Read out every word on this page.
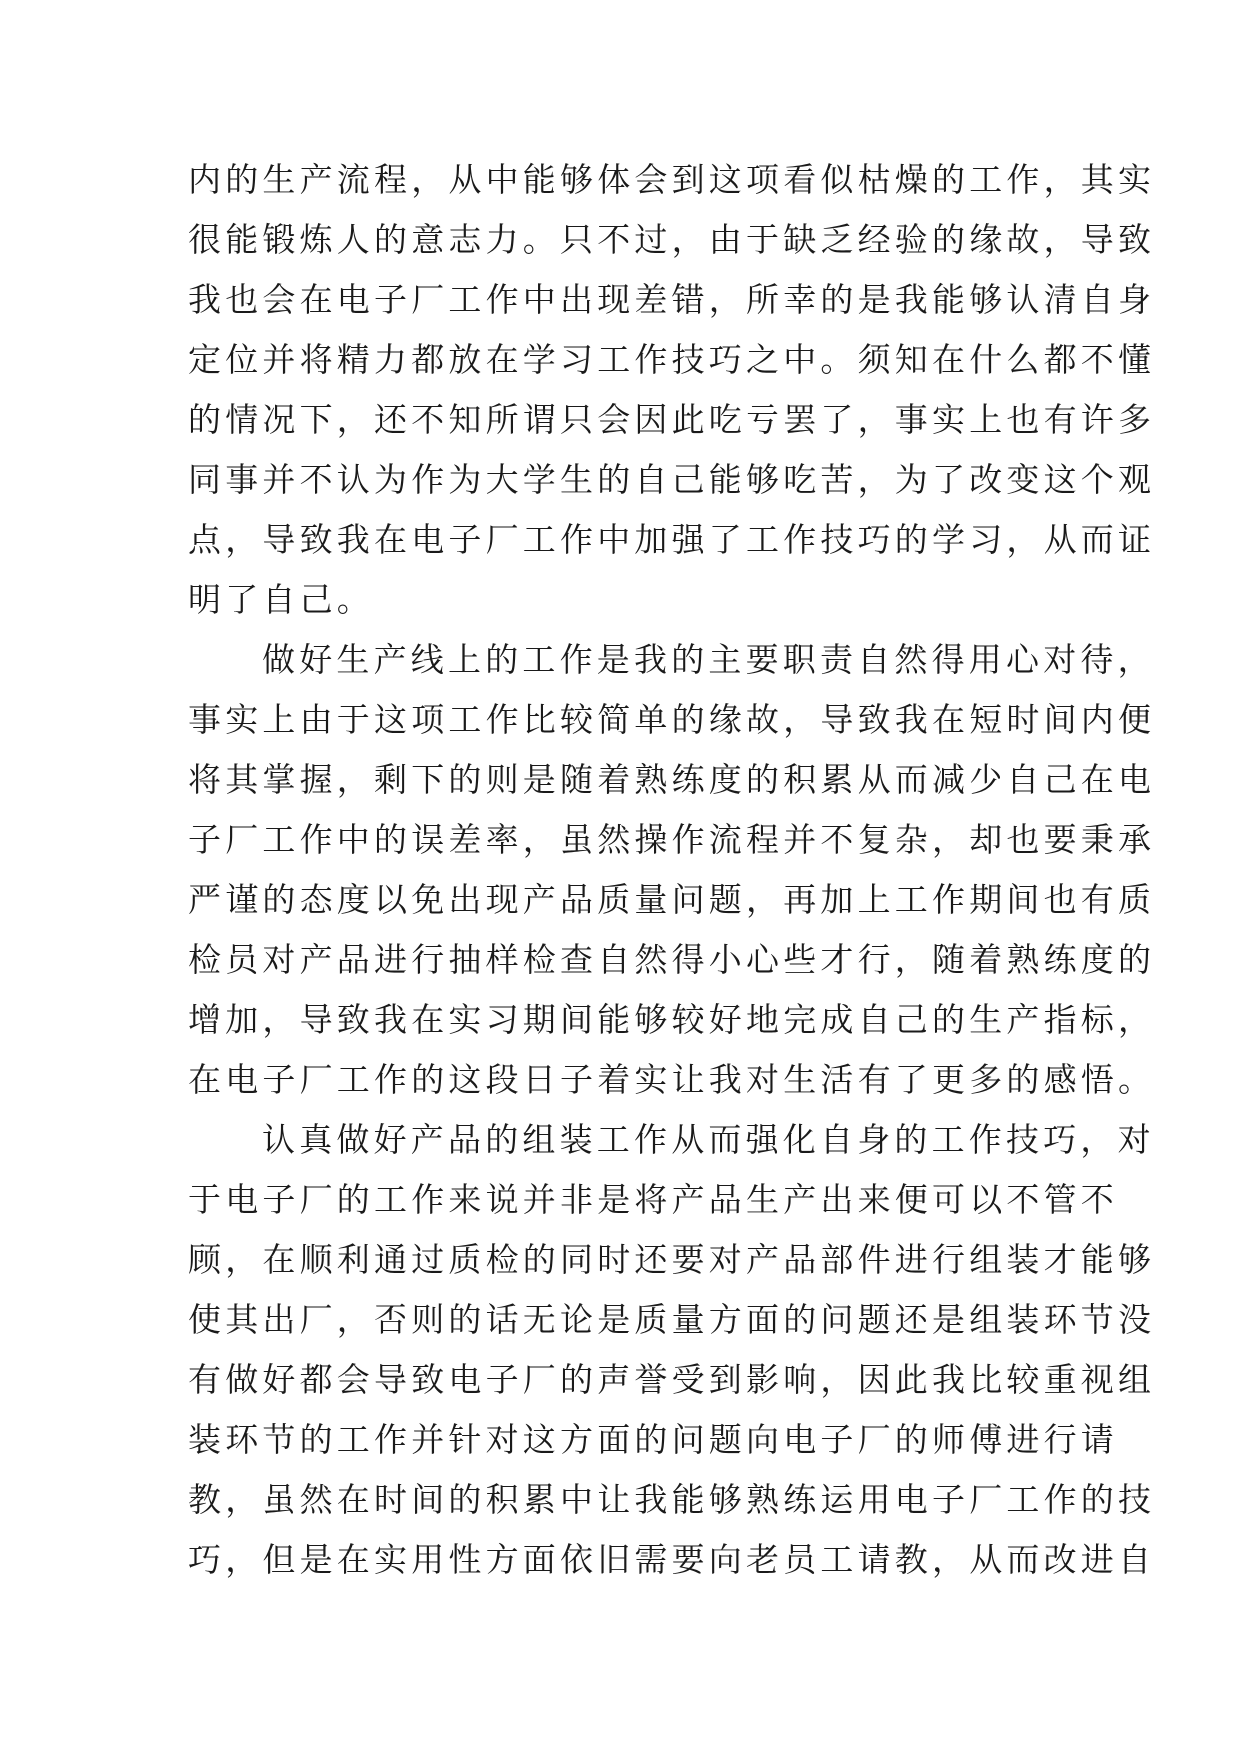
内的生产流程，从中能够体会到这项看似枯燥的工作，其实
很能锻炼人的意志力。只不过，由于缺乏经验的缘故，导致
我也会在电子厂工作中出现差错，所幸的是我能够认清自身
定位并将精力都放在学习工作技巧之中。须知在什么都不懂
的情况下，还不知所谓只会因此吃亏罢了，事实上也有许多
同事并不认为作为大学生的自己能够吃苦，为了改变这个观
点，导致我在电子厂工作中加强了工作技巧的学习，从而证
明了自己。
做好生产线上的工作是我的主要职责自然得用心对待，
事实上由于这项工作比较简单的缘故，导致我在短时间内便
将其掌握，剩下的则是随着熟练度的积累从而减少自己在电
子厂工作中的误差率，虽然操作流程并不复杂，却也要秉承
严谨的态度以免出现产品质量问题，再加上工作期间也有质
检员对产品进行抽样检查自然得小心些才行，随着熟练度的
增加，导致我在实习期间能够较好地完成自己的生产指标，
在电子厂工作的这段日子着实让我对生活有了更多的感悟。
认真做好产品的组装工作从而强化自身的工作技巧，对
于电子厂的工作来说并非是将产品生产出来便可以不管不
顾，在顺利通过质检的同时还要对产品部件进行组装才能够
使其出厂，否则的话无论是质量方面的问题还是组装环节没
有做好都会导致电子厂的声誉受到影响，因此我比较重视组
装环节的工作并针对这方面的问题向电子厂的师傅进行请
教，虽然在时间的积累中让我能够熟练运用电子厂工作的技
巧，但是在实用性方面依旧需要向老员工请教，从而改进自
